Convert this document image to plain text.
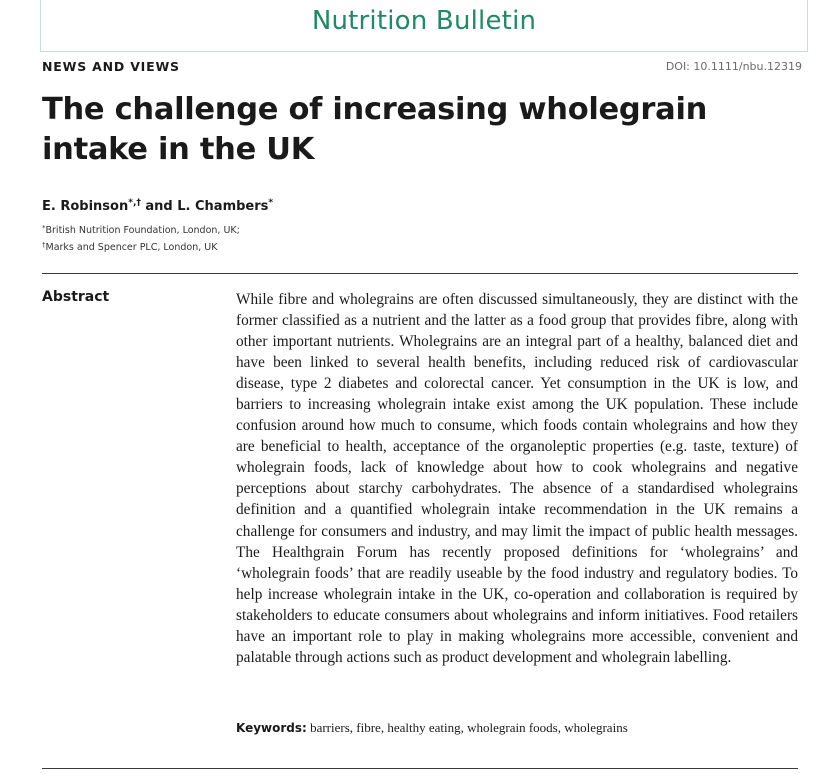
Nutrition Bulletin
NEWS AND VIEWS	DOI: 10.1111/nbu.12319
The challenge of increasing wholegrain intake in the UK
E. Robinson*,† and L. Chambers*
*British Nutrition Foundation, London, UK;
†Marks and Spencer PLC, London, UK
Abstract	While fibre and wholegrains are often discussed simultaneously, they are distinct with the former classified as a nutrient and the latter as a food group that provides fibre, along with other important nutrients. Wholegrains are an integral part of a healthy, balanced diet and have been linked to several health benefits, including reduced risk of cardiovascular disease, type 2 diabetes and colorectal cancer. Yet consumption in the UK is low, and barriers to increasing wholegrain intake exist among the UK population. These include confusion around how much to consume, which foods contain wholegrains and how they are beneficial to health, acceptance of the organoleptic properties (e.g. taste, texture) of wholegrain foods, lack of knowledge about how to cook wholegrains and negative perceptions about starchy carbohydrates. The absence of a standardised wholegrains definition and a quantified wholegrain intake recommendation in the UK remains a challenge for consumers and industry, and may limit the impact of public health messages. The Healthgrain Forum has recently proposed definitions for ‘wholegrains’ and ‘wholegrain foods’ that are readily useable by the food industry and regulatory bodies. To help increase wholegrain intake in the UK, co-operation and collaboration is required by stakeholders to educate consumers about wholegrains and inform initiatives. Food retailers have an important role to play in making wholegrains more accessible, convenient and palatable through actions such as product development and wholegrain labelling.

Keywords: barriers, fibre, healthy eating, wholegrain foods, wholegrains
